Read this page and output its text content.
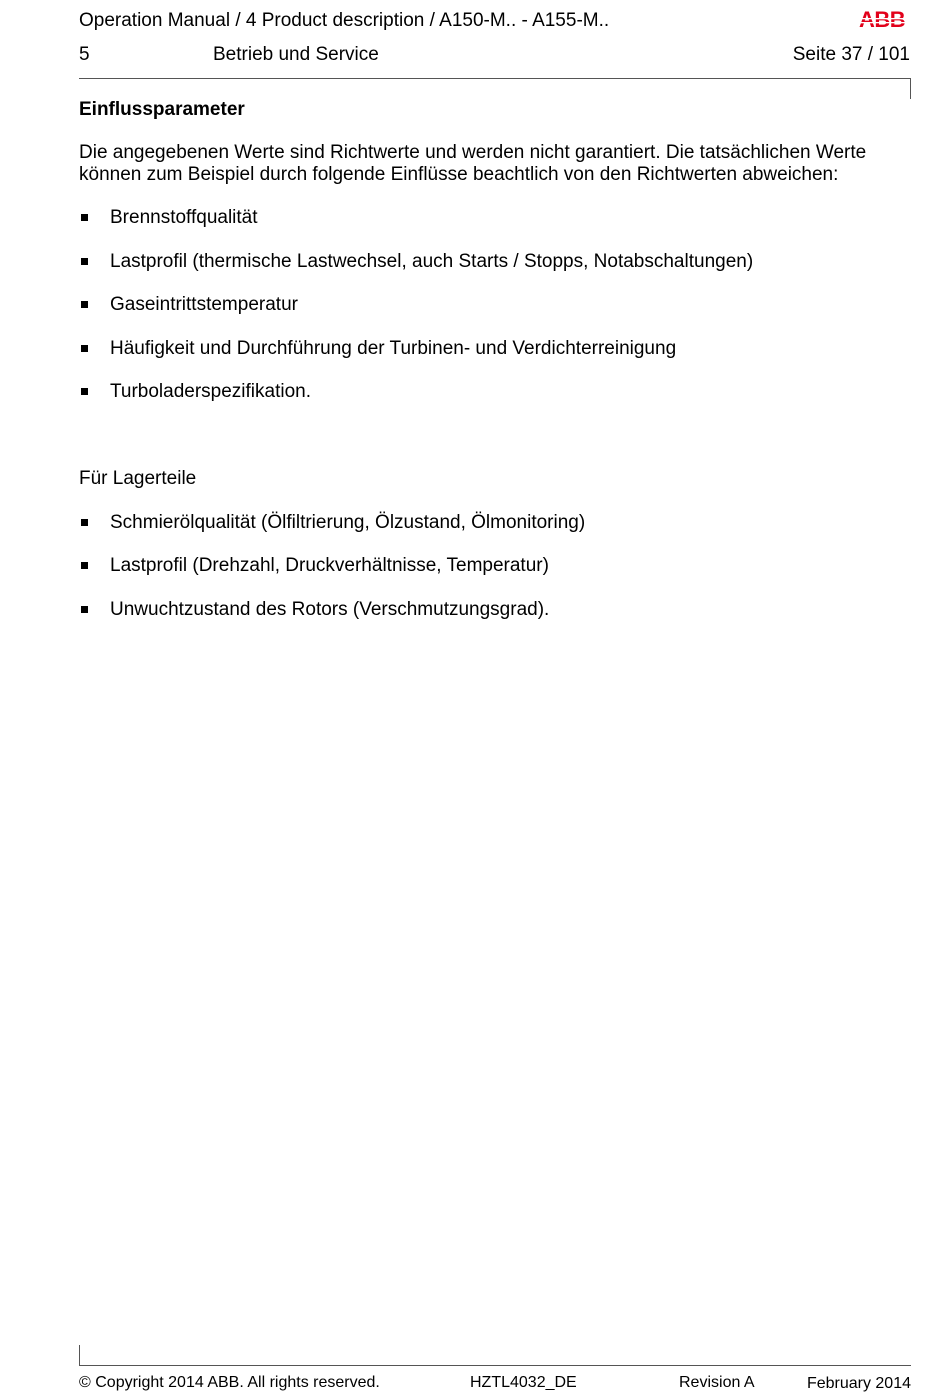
Operation Manual / 4 Product description / A150-M.. - A155-M..
5	Betrieb und Service	Seite 37 / 101
Einflussparameter
Die angegebenen Werte sind Richtwerte und werden nicht garantiert. Die tatsächlichen Werte
können zum Beispiel durch folgende Einflüsse beachtlich von den Richtwerten abweichen:
Brennstoffqualität
Lastprofil (thermische Lastwechsel, auch Starts / Stopps, Notabschaltungen)
Gaseintrittstemperatur
Häufigkeit und Durchführung der Turbinen- und Verdichterreinigung
Turboladerspezifikation.
Für Lagerteile
Schmierölqualität (Ölfiltrierung, Ölzustand, Ölmonitoring)
Lastprofil (Drehzahl, Druckverhältnisse, Temperatur)
Unwuchtzustand des Rotors (Verschmutzungsgrad).
© Copyright 2014 ABB. All rights reserved.	HZTL4032_DE	Revision A	February 2014
